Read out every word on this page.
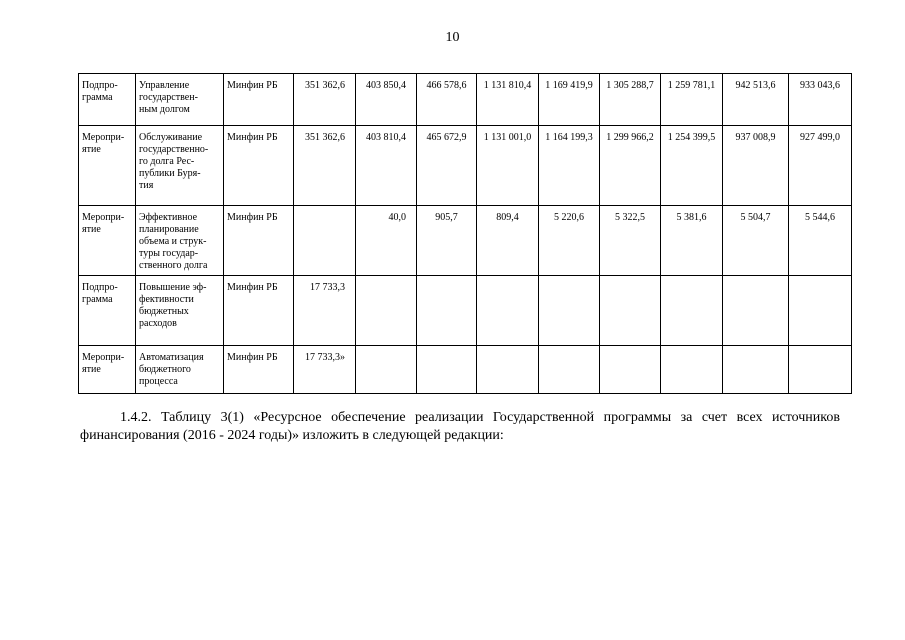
10
Подпро-
грамма	Управление
государствен-
ным долгом	Минфин РБ	351 362,6	403 850,4	466 578,6	1 131 810,4	1 169 419,9	1 305 288,7	1 259 781,1	942 513,6	933 043,6
Меропри-
ятие	Обслуживание
государственно-
го долга Рес-
публики Буря-
тия	Минфин РБ	351 362,6	403 810,4	465 672,9	1 131 001,0	1 164 199,3	1 299 966,2	1 254 399,5	937 008,9	927 499,0
Меропри-
ятие	Эффективное
планирование
объема и струк-
туры государ-
ственного долга	Минфин РБ		40,0	905,7	809,4	5 220,6	5 322,5	5 381,6	5 504,7	5 544,6
Подпро-
грамма	Повышение эф-
фективности
бюджетных
расходов	Минфин РБ	17 733,3								
Меропри-
ятие	Автоматизация
бюджетного
процесса	Минфин РБ	17 733,3»								

1.4.2. Таблицу 3(1) «Ресурсное обеспечение реализации Государственной программы за счет всех источников финансирования (2016 - 2024 годы)» изложить в следующей редакции:
